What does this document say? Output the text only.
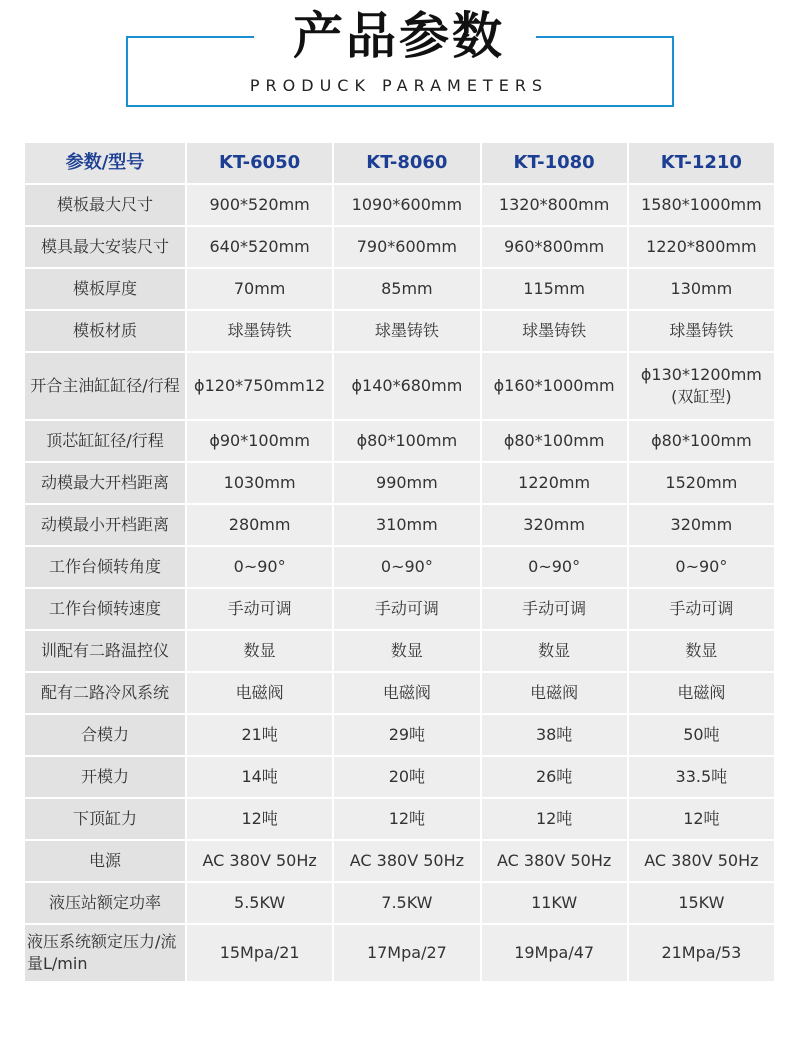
产品参数
PRODUCK PARAMETERS
参数/型号	KT-6050	KT-8060	KT-1080	KT-1210
模板最大尺寸	900*520mm	1090*600mm	1320*800mm	1580*1000mm
模具最大安装尺寸	640*520mm	790*600mm	960*800mm	1220*800mm
模板厚度	70mm	85mm	115mm	130mm
模板材质	球墨铸铁	球墨铸铁	球墨铸铁	球墨铸铁
开合主油缸缸径/行程	ϕ120*750mm12	ϕ140*680mm	ϕ160*1000mm	ϕ130*1200mm (双缸型)
顶芯缸缸径/行程	ϕ90*100mm	ϕ80*100mm	ϕ80*100mm	ϕ80*100mm
动模最大开档距离	1030mm	990mm	1220mm	1520mm
动模最小开档距离	280mm	310mm	320mm	320mm
工作台倾转角度	0~90°	0~90°	0~90°	0~90°
工作台倾转速度	手动可调	手动可调	手动可调	手动可调
训配有二路温控仪	数显	数显	数显	数显
配有二路冷风系统	电磁阀	电磁阀	电磁阀	电磁阀
合模力	21吨	29吨	38吨	50吨
开模力	14吨	20吨	26吨	33.5吨
下顶缸力	12吨	12吨	12吨	12吨
电源	AC 380V 50Hz	AC 380V 50Hz	AC 380V 50Hz	AC 380V 50Hz
液压站额定功率	5.5KW	7.5KW	11KW	15KW
液压系统额定压力/流量L/min	15Mpa/21	17Mpa/27	19Mpa/47	21Mpa/53
